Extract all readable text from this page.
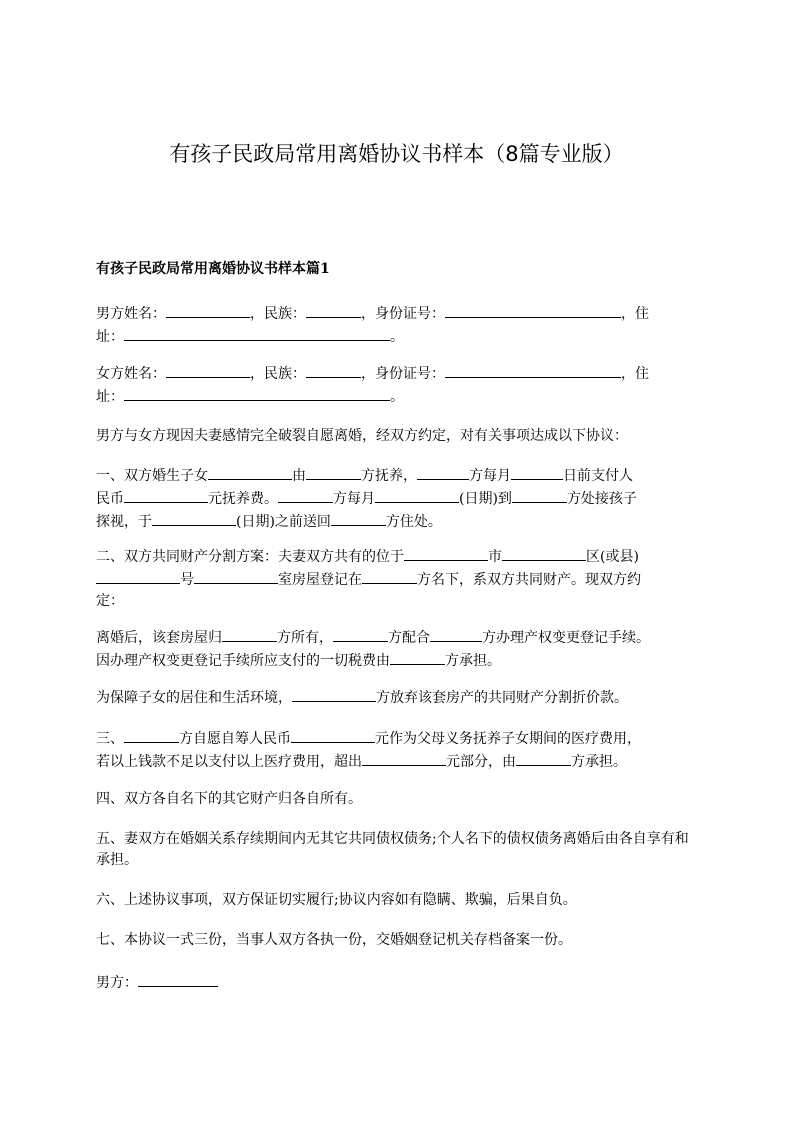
有孩子民政局常用离婚协议书样本（8篇专业版）
有孩子民政局常用离婚协议书样本篇1

男方姓名：	，民族：	，身份证号：	，住
址：	。

女方姓名：	，民族：	，身份证号：	，住
址：	。

男方与女方现因夫妻感情完全破裂自愿离婚，经双方约定，对有关事项达成以下协议：

一、双方婚生子女	由	方抚养，	方每月	日前支付人
民币	元抚养费。	方每月	(日期)到	方处接孩子
探视，于	(日期)之前送回	方住处。

二、双方共同财产分割方案：夫妻双方共有的位于	市	区(或县)
号	室房屋登记在	方名下，系双方共同财产。现双方约
定：

离婚后，该套房屋归	方所有，	方配合	方办理产权变更登记手续。
因办理产权变更登记手续所应支付的一切税费由	方承担。

为保障子女的居住和生活环境，	方放弃该套房产的共同财产分割折价款。

三、	方自愿自筹人民币	元作为父母义务抚养子女期间的医疗费用，
若以上钱款不足以支付以上医疗费用，超出	元部分，由	方承担。

四、双方各自名下的其它财产归各自所有。

五、妻双方在婚姻关系存续期间内无其它共同债权债务;个人名下的债权债务离婚后由各自享有和承担。

六、上述协议事项，双方保证切实履行;协议内容如有隐瞒、欺骗，后果自负。

七、本协议一式三份，当事人双方各执一份，交婚姻登记机关存档备案一份。

男方：
